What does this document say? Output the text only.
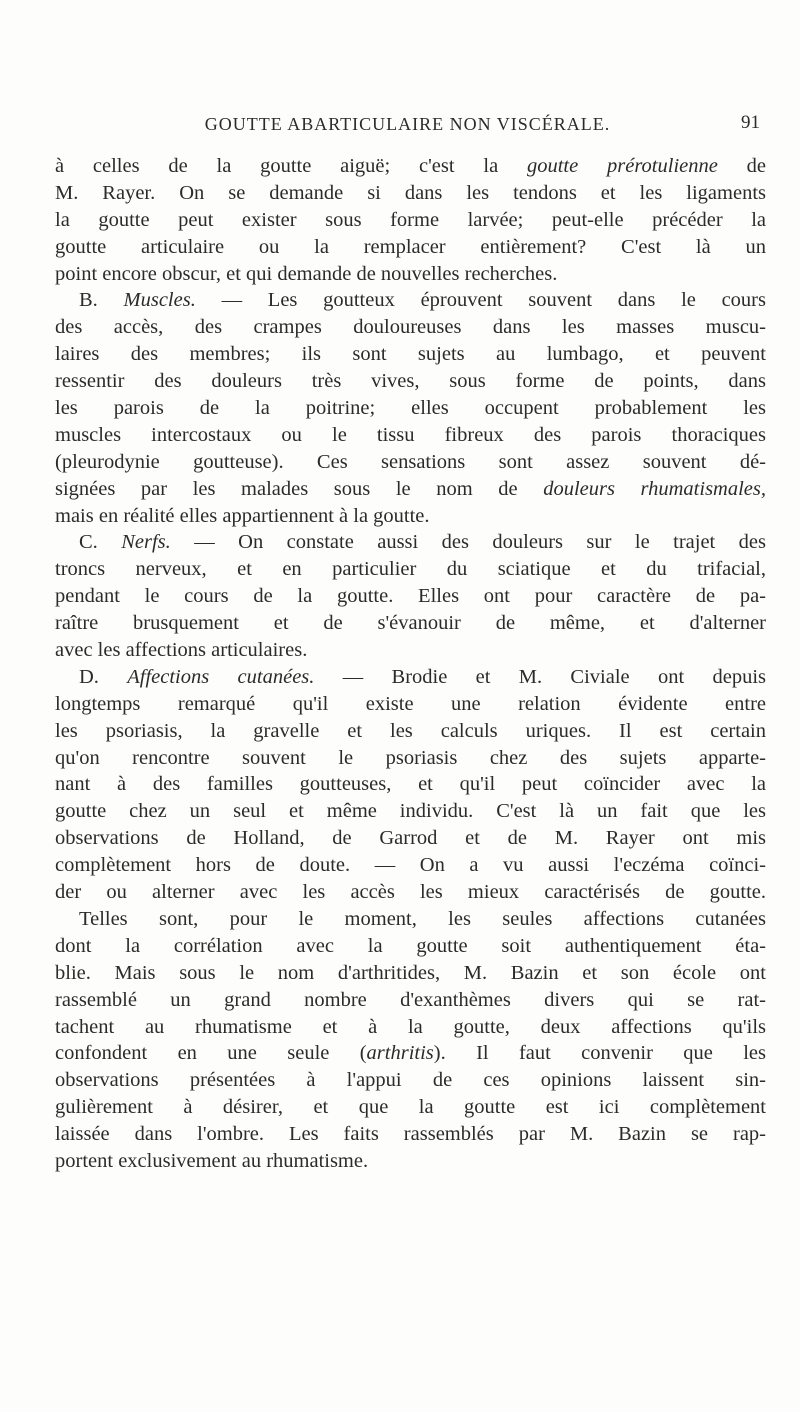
GOUTTE ABARTICULAIRE NON VISCÉRALE.	91
à celles de la goutte aiguë; c'est la goutte prérotulienne de
M. Rayer. On se demande si dans les tendons et les ligaments
la goutte peut exister sous forme larvée; peut-elle précéder la
goutte articulaire ou la remplacer entièrement? C'est là un
point encore obscur, et qui demande de nouvelles recherches.
B. Muscles. — Les goutteux éprouvent souvent dans le cours
des accès, des crampes douloureuses dans les masses muscu-
laires des membres; ils sont sujets au lumbago, et peuvent
ressentir des douleurs très vives, sous forme de points, dans
les parois de la poitrine; elles occupent probablement les
muscles intercostaux ou le tissu fibreux des parois thoraciques
(pleurodynie goutteuse). Ces sensations sont assez souvent dé-
signées par les malades sous le nom de douleurs rhumatismales,
mais en réalité elles appartiennent à la goutte.
C. Nerfs. — On constate aussi des douleurs sur le trajet des
troncs nerveux, et en particulier du sciatique et du trifacial,
pendant le cours de la goutte. Elles ont pour caractère de pa-
raître brusquement et de s'évanouir de même, et d'alterner
avec les affections articulaires.
D. Affections cutanées. — Brodie et M. Civiale ont depuis
longtemps remarqué qu'il existe une relation évidente entre
les psoriasis, la gravelle et les calculs uriques. Il est certain
qu'on rencontre souvent le psoriasis chez des sujets apparte-
nant à des familles goutteuses, et qu'il peut coïncider avec la
goutte chez un seul et même individu. C'est là un fait que les
observations de Holland, de Garrod et de M. Rayer ont mis
complètement hors de doute. — On a vu aussi l'eczéma coïnci-
der ou alterner avec les accès les mieux caractérisés de goutte.
Telles sont, pour le moment, les seules affections cutanées
dont la corrélation avec la goutte soit authentiquement éta-
blie. Mais sous le nom d'arthritides, M. Bazin et son école ont
rassemblé un grand nombre d'exanthèmes divers qui se rat-
tachent au rhumatisme et à la goutte, deux affections qu'ils
confondent en une seule (arthritis). Il faut convenir que les
observations présentées à l'appui de ces opinions laissent sin-
gulièrement à désirer, et que la goutte est ici complètement
laissée dans l'ombre. Les faits rassemblés par M. Bazin se rap-
portent exclusivement au rhumatisme.
